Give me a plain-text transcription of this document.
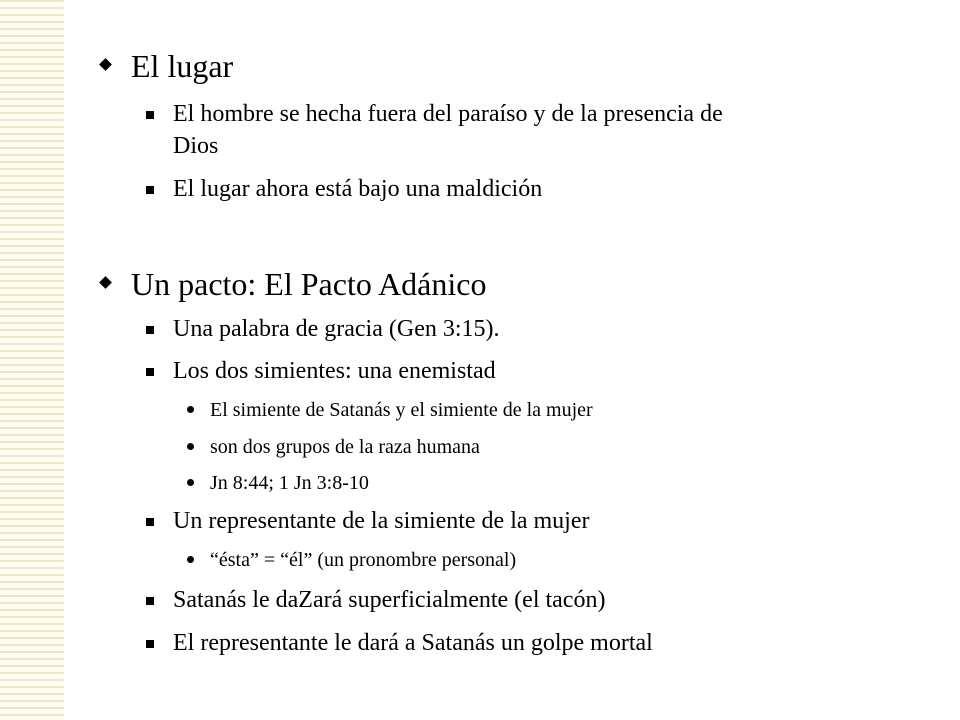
El lugar
El hombre se hecha fuera del paraíso y de la presencia de
Dios
El lugar ahora está bajo una maldición
Un pacto: El Pacto Adánico
Una palabra de gracia (Gen 3:15).
Los dos simientes: una enemistad
El simiente de Satanás y el simiente de la mujer
son dos grupos de la raza humana
Jn 8:44; 1 Jn 3:8-10
Un representante de la simiente de la mujer
“ésta” = “él” (un pronombre personal)
Satanás le daZará superficialmente (el tacón)
El representante le dará a Satanás un golpe mortal
